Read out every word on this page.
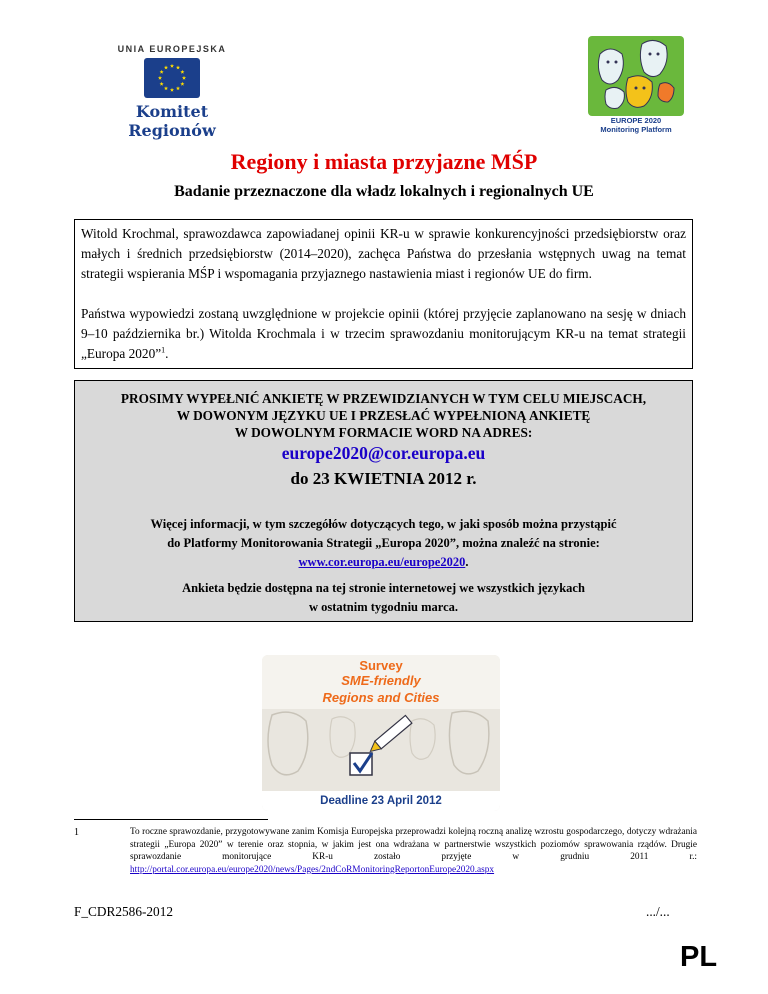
UNIA EUROPEJSKA
Komitet Regionów
EUROPE 2020
Monitoring Platform
Regiony i miasta przyjazne MŚP
Badanie przeznaczone dla władz lokalnych i regionalnych UE

Witold Krochmal, sprawozdawca zapowiadanej opinii KR-u w sprawie konkurencyjności przedsiębiorstw oraz małych i średnich przedsiębiorstw (2014–2020), zachęca Państwa do przesłania wstępnych uwag na temat strategii wspierania MŚP i wspomagania przyjaznego nastawienia miast i regionów UE do firm.

Państwa wypowiedzi zostaną uwzględnione w projekcie opinii (której przyjęcie zaplanowano na sesję w dniach 9–10 października br.) Witolda Krochmala i w trzecim sprawozdaniu monitorującym KR-u na temat strategii „Europa 2020”$^1$.

PROSIMY WYPEŁNIĆ ANKIETĘ W PRZEWIDZIANYCH W TYM CELU MIEJSCACH,
W DOWONYM JĘZYKU UE I PRZESŁAĆ WYPEŁNIONĄ ANKIETĘ
W DOWOLNYM FORMACIE WORD NA ADRES:
europe2020@cor.europa.eu
do 23 KWIETNIA 2012 r.
Więcej informacji, w tym szczegółów dotyczących tego, w jaki sposób można przystąpić
do Platformy Monitorowania Strategii „Europa 2020”, można znaleźć na stronie:
www.cor.europa.eu/europe2020.
Ankieta będzie dostępna na tej stronie internetowej we wszystkich językach
w ostatnim tygodniu marca.
Survey
SME-friendly
Regions and Cities
Deadline 23 April 2012
1	To roczne sprawozdanie, przygotowywane zanim Komisja Europejska przeprowadzi kolejną roczną analizę wzrostu gospodarczego, dotyczy wdrażania strategii „Europa 2020” w terenie oraz stopnia, w jakim jest ona wdrażana w partnerstwie wszystkich poziomów sprawowania rządów. Drugie sprawozdanie monitorujące KR-u zostało przyjęte w grudniu 2011 r.: http://portal.cor.europa.eu/europe2020/news/Pages/2ndCoRMonitoringReportonEurope2020.aspx
F_CDR2586-2012	.../...
PL
